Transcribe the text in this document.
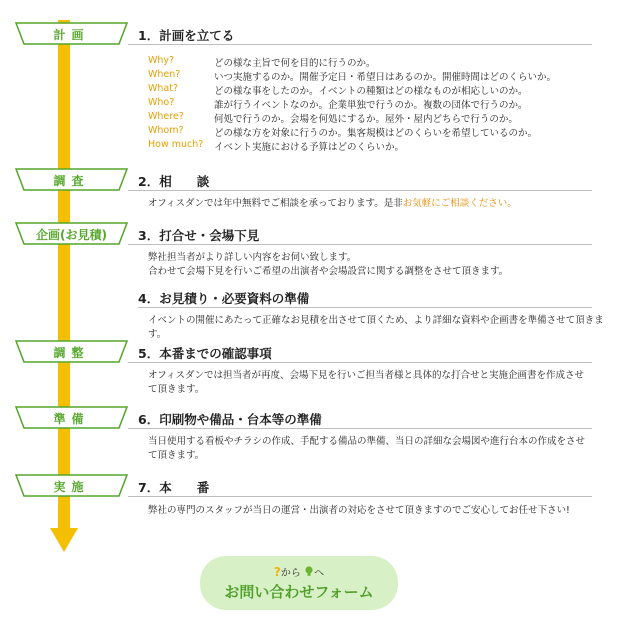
計画	1．計画を立てる
Why?	どの様な主旨で何を目的に行うのか。
When?	いつ実施するのか。開催予定日・希望日はあるのか。開催時間はどのくらいか。
What?	どの様な事をしたのか。イベントの種類はどの様なものが相応しいのか。
Who?	誰が行うイベントなのか。企業単独で行うのか。複数の団体で行うのか。
Where?	何処で行うのか。会場を何処にするか。屋外・屋内どちらで行うのか。
Whom?	どの様な方を対象に行うのか。集客規模はどのくらいを希望しているのか。
How much?	イベント実施における予算はどのくらいか。
調査	2．相　　談
オフィスダンでは年中無料でご相談を承っております。是非お気軽にご相談ください。
企画(お見積)	3．打合せ・会場下見
弊社担当者がより詳しい内容をお伺い致します。
合わせて会場下見を行いご希望の出演者や会場設営に関する調整をさせて頂きます。
4．お見積り・必要資料の準備
イベントの開催にあたって正確なお見積を出させて頂くため、より詳細な資料や企画書を準備させて頂きます。
調整	5．本番までの確認事項
オフィスダンでは担当者が再度、会場下見を行いご担当者様と具体的な打合せと実施企画書を作成させて頂きます。
準備	6．印刷物や備品・台本等の準備
当日使用する看板やチラシの作成、手配する備品の準備、当日の詳細な会場図や進行台本の作成をさせて頂きます。
実施	7．本　　番
弊社の専門のスタッフが当日の運営・出演者の対応をさせて頂きますのでご安心してお任せ下さい!
?から へ
お問い合わせフォーム
